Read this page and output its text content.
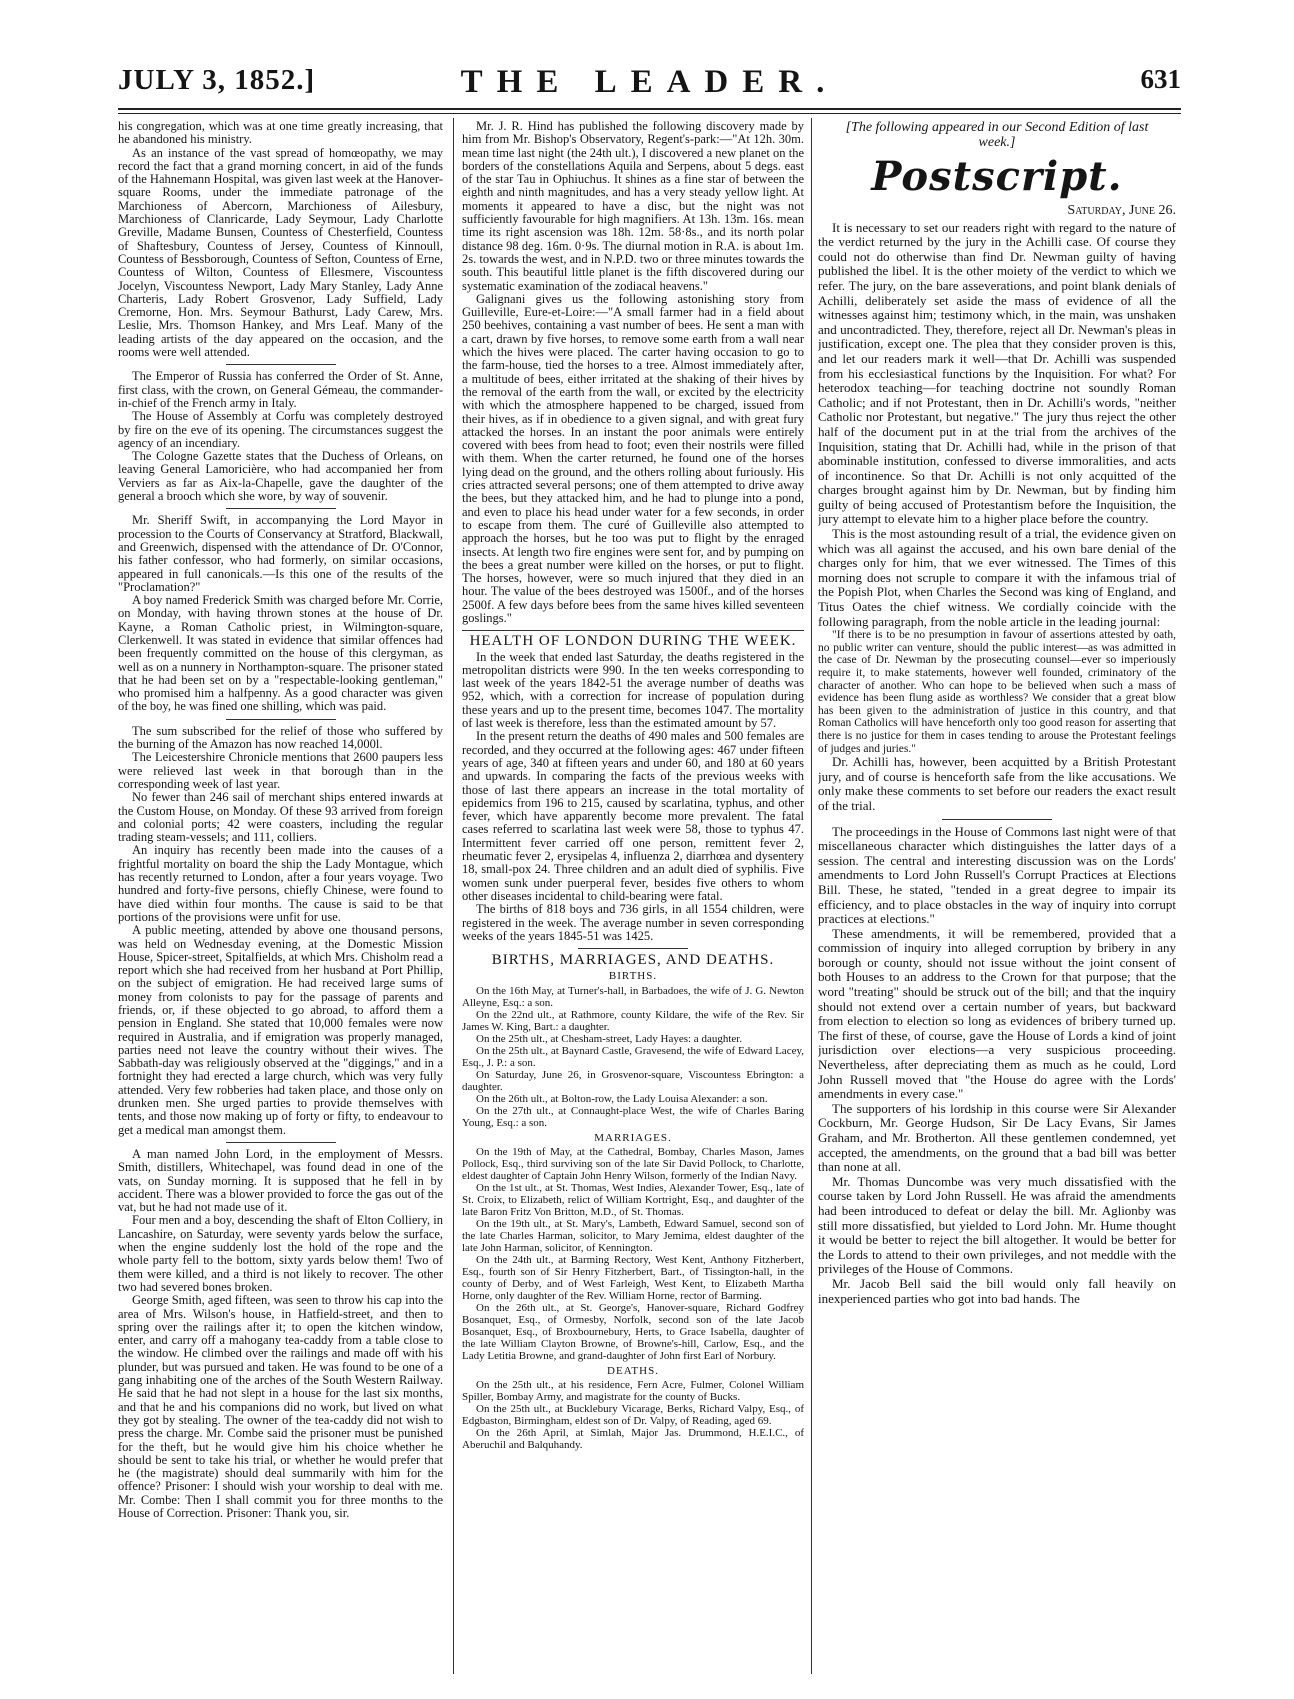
JULY 3, 1852.]	THE LEADER.	631

his congregation, which was at one time greatly increasing, that he abandoned his ministry.

As an instance of the vast spread of homœopathy, we may record the fact that a grand morning concert, in aid of the funds of the Hahnemann Hospital, was given last week at the Hanover-square Rooms, under the immediate patronage of the Marchioness of Abercorn, Marchioness of Ailesbury, Marchioness of Clanricarde, Lady Seymour, Lady Charlotte Greville, Madame Bunsen, Countess of Chesterfield, Countess of Shaftesbury, Countess of Jersey, Countess of Kinnoull, Countess of Bessborough, Countess of Sefton, Countess of Erne, Countess of Wilton, Countess of Ellesmere, Viscountess Jocelyn, Viscountess Newport, Lady Mary Stanley, Lady Anne Charteris, Lady Robert Grosvenor, Lady Suffield, Lady Cremorne, Hon. Mrs. Seymour Bathurst, Lady Carew, Mrs. Leslie, Mrs. Thomson Hankey, and Mrs Leaf. Many of the leading artists of the day appeared on the occasion, and the rooms were well attended.

The Emperor of Russia has conferred the Order of St. Anne, first class, with the crown, on General Gémeau, the commander-in-chief of the French army in Italy.

The House of Assembly at Corfu was completely destroyed by fire on the eve of its opening. The circumstances suggest the agency of an incendiary.

The Cologne Gazette states that the Duchess of Orleans, on leaving General Lamoricière, who had accompanied her from Verviers as far as Aix-la-Chapelle, gave the daughter of the general a brooch which she wore, by way of souvenir.

Mr. Sheriff Swift, in accompanying the Lord Mayor in procession to the Courts of Conservancy at Stratford, Blackwall, and Greenwich, dispensed with the attendance of Dr. O'Connor, his father confessor, who had formerly, on similar occasions, appeared in full canonicals.—Is this one of the results of the "Proclamation?"

A boy named Frederick Smith was charged before Mr. Corrie, on Monday, with having thrown stones at the house of Dr. Kayne, a Roman Catholic priest, in Wilmington-square, Clerkenwell. It was stated in evidence that similar offences had been frequently committed on the house of this clergyman, as well as on a nunnery in Northampton-square. The prisoner stated that he had been set on by a "respectable-looking gentleman," who promised him a halfpenny. As a good character was given of the boy, he was fined one shilling, which was paid.

The sum subscribed for the relief of those who suffered by the burning of the Amazon has now reached 14,000l.

The Leicestershire Chronicle mentions that 2600 paupers less were relieved last week in that borough than in the corresponding week of last year.

No fewer than 246 sail of merchant ships entered inwards at the Custom House, on Monday. Of these 93 arrived from foreign and colonial ports; 42 were coasters, including the regular trading steam-vessels; and 111, colliers.

An inquiry has recently been made into the causes of a frightful mortality on board the ship the Lady Montague, which has recently returned to London, after a four years voyage. Two hundred and forty-five persons, chiefly Chinese, were found to have died within four months. The cause is said to be that portions of the provisions were unfit for use.

A public meeting, attended by above one thousand persons, was held on Wednesday evening, at the Domestic Mission House, Spicer-street, Spitalfields, at which Mrs. Chisholm read a report which she had received from her husband at Port Phillip, on the subject of emigration. He had received large sums of money from colonists to pay for the passage of parents and friends, or, if these objected to go abroad, to afford them a pension in England. She stated that 10,000 females were now required in Australia, and if emigration was properly managed, parties need not leave the country without their wives. The Sabbath-day was religiously observed at the "diggings," and in a fortnight they had erected a large church, which was very fully attended. Very few robberies had taken place, and those only on drunken men. She urged parties to provide themselves with tents, and those now making up of forty or fifty, to endeavour to get a medical man amongst them.

A man named John Lord, in the employment of Messrs. Smith, distillers, Whitechapel, was found dead in one of the vats, on Sunday morning. It is supposed that he fell in by accident. There was a blower provided to force the gas out of the vat, but he had not made use of it.

Four men and a boy, descending the shaft of Elton Colliery, in Lancashire, on Saturday, were seventy yards below the surface, when the engine suddenly lost the hold of the rope and the whole party fell to the bottom, sixty yards below them! Two of them were killed, and a third is not likely to recover. The other two had severed bones broken.

George Smith, aged fifteen, was seen to throw his cap into the area of Mrs. Wilson's house, in Hatfield-street, and then to spring over the railings after it; to open the kitchen window, enter, and carry off a mahogany tea-caddy from a table close to the window. He climbed over the railings and made off with his plunder, but was pursued and taken. He was found to be one of a gang inhabiting one of the arches of the South Western Railway. He said that he had not slept in a house for the last six months, and that he and his companions did no work, but lived on what they got by stealing. The owner of the tea-caddy did not wish to press the charge. Mr. Combe said the prisoner must be punished for the theft, but he would give him his choice whether he should be sent to take his trial, or whether he would prefer that he (the magistrate) should deal summarily with him for the offence? Prisoner: I should wish your worship to deal with me. Mr. Combe: Then I shall commit you for three months to the House of Correction. Prisoner: Thank you, sir.

Mr. J. R. Hind has published the following discovery made by him from Mr. Bishop's Observatory, Regent's-park:—"At 12h. 30m. mean time last night (the 24th ult.), I discovered a new planet on the borders of the constellations Aquila and Serpens, about 5 degs. east of the star Tau in Ophiuchus. It shines as a fine star of between the eighth and ninth magnitudes, and has a very steady yellow light. At moments it appeared to have a disc, but the night was not sufficiently favourable for high magnifiers. At 13h. 13m. 16s. mean time its right ascension was 18h. 12m. 58·8s., and its north polar distance 98 deg. 16m. 0·9s. The diurnal motion in R.A. is about 1m. 2s. towards the west, and in N.P.D. two or three minutes towards the south. This beautiful little planet is the fifth discovered during our systematic examination of the zodiacal heavens."

Galignani gives us the following astonishing story from Guilleville, Eure-et-Loire:—"A small farmer had in a field about 250 beehives, containing a vast number of bees. He sent a man with a cart, drawn by five horses, to remove some earth from a wall near which the hives were placed. The carter having occasion to go to the farm-house, tied the horses to a tree. Almost immediately after, a multitude of bees, either irritated at the shaking of their hives by the removal of the earth from the wall, or excited by the electricity with which the atmosphere happened to be charged, issued from their hives, as if in obedience to a given signal, and with great fury attacked the horses. In an instant the poor animals were entirely covered with bees from head to foot; even their nostrils were filled with them. When the carter returned, he found one of the horses lying dead on the ground, and the others rolling about furiously. His cries attracted several persons; one of them attempted to drive away the bees, but they attacked him, and he had to plunge into a pond, and even to place his head under water for a few seconds, in order to escape from them. The curé of Guilleville also attempted to approach the horses, but he too was put to flight by the enraged insects. At length two fire engines were sent for, and by pumping on the bees a great number were killed on the horses, or put to flight. The horses, however, were so much injured that they died in an hour. The value of the bees destroyed was 1500f., and of the horses 2500f. A few days before bees from the same hives killed seventeen goslings."

HEALTH OF LONDON DURING THE WEEK.

In the week that ended last Saturday, the deaths registered in the metropolitan districts were 990. In the ten weeks corresponding to last week of the years 1842-51 the average number of deaths was 952, which, with a correction for increase of population during these years and up to the present time, becomes 1047. The mortality of last week is therefore, less than the estimated amount by 57.

In the present return the deaths of 490 males and 500 females are recorded, and they occurred at the following ages: 467 under fifteen years of age, 340 at fifteen years and under 60, and 180 at 60 years and upwards. In comparing the facts of the previous weeks with those of last there appears an increase in the total mortality of epidemics from 196 to 215, caused by scarlatina, typhus, and other fever, which have apparently become more prevalent. The fatal cases referred to scarlatina last week were 58, those to typhus 47. Intermittent fever carried off one person, remittent fever 2, rheumatic fever 2, erysipelas 4, influenza 2, diarrhœa and dysentery 18, small-pox 24. Three children and an adult died of syphilis. Five women sunk under puerperal fever, besides five others to whom other diseases incidental to child-bearing were fatal.

The births of 818 boys and 736 girls, in all 1554 children, were registered in the week. The average number in seven corresponding weeks of the years 1845-51 was 1425.

BIRTHS, MARRIAGES, AND DEATHS.
BIRTHS.

On the 16th May, at Turner's-hall, in Barbadoes, the wife of J. G. Newton Alleyne, Esq.: a son.

On the 22nd ult., at Rathmore, county Kildare, the wife of the Rev. Sir James W. King, Bart.: a daughter.

On the 25th ult., at Chesham-street, Lady Hayes: a daughter.

On the 25th ult., at Baynard Castle, Gravesend, the wife of Edward Lacey, Esq., J. P.: a son.

On Saturday, June 26, in Grosvenor-square, Viscountess Ebrington: a daughter.

On the 26th ult., at Bolton-row, the Lady Louisa Alexander: a son.

On the 27th ult., at Connaught-place West, the wife of Charles Baring Young, Esq.: a son.

MARRIAGES.

On the 19th of May, at the Cathedral, Bombay, Charles Mason, James Pollock, Esq., third surviving son of the late Sir David Pollock, to Charlotte, eldest daughter of Captain John Henry Wilson, formerly of the Indian Navy.

On the 1st ult., at St. Thomas, West Indies, Alexander Tower, Esq., late of St. Croix, to Elizabeth, relict of William Kortright, Esq., and daughter of the late Baron Fritz Von Britton, M.D., of St. Thomas.

On the 19th ult., at St. Mary's, Lambeth, Edward Samuel, second son of the late Charles Harman, solicitor, to Mary Jemima, eldest daughter of the late John Harman, solicitor, of Kennington.

On the 24th ult., at Barming Rectory, West Kent, Anthony Fitzherbert, Esq., fourth son of Sir Henry Fitzherbert, Bart., of Tissington-hall, in the county of Derby, and of West Farleigh, West Kent, to Elizabeth Martha Horne, only daughter of the Rev. William Horne, rector of Barming.

On the 26th ult., at St. George's, Hanover-square, Richard Godfrey Bosanquet, Esq., of Ormesby, Norfolk, second son of the late Jacob Bosanquet, Esq., of Broxbournebury, Herts, to Grace Isabella, daughter of the late William Clayton Browne, of Browne's-hill, Carlow, Esq., and the Lady Letitia Browne, and grand-daughter of John first Earl of Norbury.

DEATHS.

On the 25th ult., at his residence, Fern Acre, Fulmer, Colonel William Spiller, Bombay Army, and magistrate for the county of Bucks.

On the 25th ult., at Bucklebury Vicarage, Berks, Richard Valpy, Esq., of Edgbaston, Birmingham, eldest son of Dr. Valpy, of Reading, aged 69.

On the 26th April, at Simlah, Major Jas. Drummond, H.E.I.C., of Aberuchil and Balquhandy.

[The following appeared in our Second Edition of last week.]
Postscript.
Saturday, June 26.

It is necessary to set our readers right with regard to the nature of the verdict returned by the jury in the Achilli case. Of course they could not do otherwise than find Dr. Newman guilty of having published the libel. It is the other moiety of the verdict to which we refer. The jury, on the bare asseverations, and point blank denials of Achilli, deliberately set aside the mass of evidence of all the witnesses against him; testimony which, in the main, was unshaken and uncontradicted. They, therefore, reject all Dr. Newman's pleas in justification, except one. The plea that they consider proven is this, and let our readers mark it well—that Dr. Achilli was suspended from his ecclesiastical functions by the Inquisition. For what? For heterodox teaching—for teaching doctrine not soundly Roman Catholic; and if not Protestant, then in Dr. Achilli's words, "neither Catholic nor Protestant, but negative." The jury thus reject the other half of the document put in at the trial from the archives of the Inquisition, stating that Dr. Achilli had, while in the prison of that abominable institution, confessed to diverse immoralities, and acts of incontinence. So that Dr. Achilli is not only acquitted of the charges brought against him by Dr. Newman, but by finding him guilty of being accused of Protestantism before the Inquisition, the jury attempt to elevate him to a higher place before the country.

This is the most astounding result of a trial, the evidence given on which was all against the accused, and his own bare denial of the charges only for him, that we ever witnessed. The Times of this morning does not scruple to compare it with the infamous trial of the Popish Plot, when Charles the Second was king of England, and Titus Oates the chief witness. We cordially coincide with the following paragraph, from the noble article in the leading journal:

"If there is to be no presumption in favour of assertions attested by oath, no public writer can venture, should the public interest—as was admitted in the case of Dr. Newman by the prosecuting counsel—ever so imperiously require it, to make statements, however well founded, criminatory of the character of another. Who can hope to be believed when such a mass of evidence has been flung aside as worthless? We consider that a great blow has been given to the administration of justice in this country, and that Roman Catholics will have henceforth only too good reason for asserting that there is no justice for them in cases tending to arouse the Protestant feelings of judges and juries."

Dr. Achilli has, however, been acquitted by a British Protestant jury, and of course is henceforth safe from the like accusations. We only make these comments to set before our readers the exact result of the trial.

The proceedings in the House of Commons last night were of that miscellaneous character which distinguishes the latter days of a session. The central and interesting discussion was on the Lords' amendments to Lord John Russell's Corrupt Practices at Elections Bill. These, he stated, "tended in a great degree to impair its efficiency, and to place obstacles in the way of inquiry into corrupt practices at elections."

These amendments, it will be remembered, provided that a commission of inquiry into alleged corruption by bribery in any borough or county, should not issue without the joint consent of both Houses to an address to the Crown for that purpose; that the word "treating" should be struck out of the bill; and that the inquiry should not extend over a certain number of years, but backward from election to election so long as evidences of bribery turned up. The first of these, of course, gave the House of Lords a kind of joint jurisdiction over elections—a very suspicious proceeding. Nevertheless, after depreciating them as much as he could, Lord John Russell moved that "the House do agree with the Lords' amendments in every case."

The supporters of his lordship in this course were Sir Alexander Cockburn, Mr. George Hudson, Sir De Lacy Evans, Sir James Graham, and Mr. Brotherton. All these gentlemen condemned, yet accepted, the amendments, on the ground that a bad bill was better than none at all.

Mr. Thomas Duncombe was very much dissatisfied with the course taken by Lord John Russell. He was afraid the amendments had been introduced to defeat or delay the bill. Mr. Aglionby was still more dissatisfied, but yielded to Lord John. Mr. Hume thought it would be better to reject the bill altogether. It would be better for the Lords to attend to their own privileges, and not meddle with the privileges of the House of Commons.

Mr. Jacob Bell said the bill would only fall heavily on inexperienced parties who got into bad hands. The
